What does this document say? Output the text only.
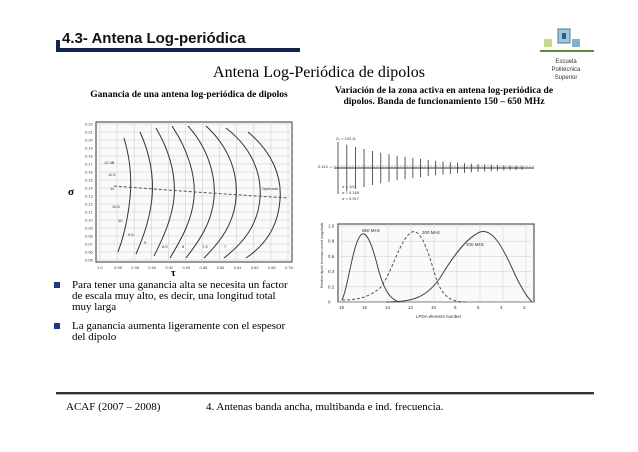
4.3- Antena Log-periódica
Escuela
Politécnica
Superior
Antena Log-Periódica de dipolos
Ganancia de una antena log-periódica de dipolos	Variación de la zona activa en antena log-periódica de dipolos. Banda de funcionamiento 150 – 650 MHz
0.22
0.21
0.20
0.19
0.18
0.17
0.16
0.15
0.14
0.13
0.12
0.11
0.10
0.09
0.08
0.07
0.06
0.05
1.0	0.98 0.96 0.94 0.92 0.90 0.88 0.86 0.84 0.82 0.80 0.78
12 dB
11.5
11
10.5
10
9.5
9
8.5	8	7.5	7
Optimum
σ
τ
Z₀ = 100 Ω
0.113 ->
σ = 1/4
σ = 0.169
σ = 0.917
1.0
0.8
0.6
0.4
0.2
0
18	16	14	12	10	8	6	4	2
650 MHz	300 MHz
200 MHz
Relative dipole terminal current magnitude
LPDA element number
Para tener una ganancia alta se necesita un factor de escala muy alto, es decir, una longitud total muy larga
La ganancia aumenta ligeramente con el espesor del dipolo
ACAF (2007 – 2008)	4. Antenas banda ancha, multibanda e ind. frecuencia.
